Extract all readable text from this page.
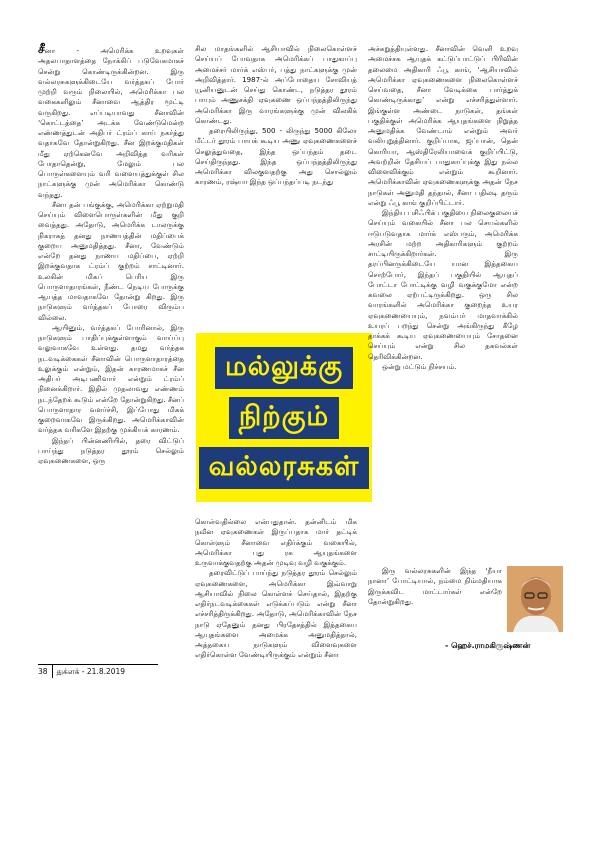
சீனா - அமெரிக்க உறவுகள் அதலபாதாளத்தை நோக்கிப் படுவேகமாகச் சென்று கொண்டிருக்கின்றன. இரு வல்லரசுகளுக்கிடையே வர்த்தகப் போர் முற்றி வரும் நிலையில், அமெரிக்கா பல வகைகளிலும் சீனாவை ஆத்திர மூட்டி வருகிறது. எப்படியாவது சீனாவின் ‘கொட்டத்தை’ அடக்க வேண்டுமென்ற எண்ணத்துடன் அதிபர் ட்ரம்ப் காய் நகர்த்து வதாகவே தோன்றுகிறது. சீன இறக்குமதிகள் மீது ஏற்கெனவே அறிவித்த வரிகள் போதாதென்று, மேலும் பல பொருள்களையும் வரி வளையத்துக்குள் சில நாட்களுக்கு முன் அமெரிக்கா கொண்டு வந்தது.

சீனா தன் பங்குக்கு, அமெரிக்கா ஏற்றுமதி செய்யும் விளைபொருள்களின் மீது குறி வைத்தது. அதோடு, அமெரிக்க டாலருக்கு நிகராகத் தனது நாணயத்தின் மதிப்பைக் குறைய அனுமதித்தது. சீனா, வேண்டும் என்றே தனது நாணய மதிப்பை, ஏற்றி இறக்குவதாக ட்ரம்ப் குற்றம் சாட்டினார். உலகின் மிகப் பெரிய இரு பொருளாதாரங்கள், நீண்ட நெடிய போருக்கு ஆயத்த மாவதாகவே தோன்று கிறது. இரு நாடுகளும் வர்த்தகப் போரை விரும்ப வில்லை.

ஆயினும், வர்த்தகப் போரினால், இரு நாடுகளும் பாதிப்புக்குள்ளாகும் வாய்ப்பு வலுவாகவே உள்ளது. தமது வர்த்தக நடவடிக்கைகள் சீனாவின் பொருளாதாரத்தை உலுக்கும் என்றும், இதன் காரணமாகச் சீன அதிபர் அடிபணிவார் என்றும் ட்ரம்ப் நினைக்கிறார். இதில் முதலாவது எண்ணம் நடந்தேறக் கூடும் என்றே தோன்றுகிறது. சீனப் பொருளாதார வளர்ச்சி, இப்போது மிகக் குறைவாகவே இருக்கிறது. அமெரிக்காவின் வர்த்தக வரிகளே இதற்கு முக்கியக் காரணம்.

இந்தப் பின்னணியில், தரை விட்டுப் பாய்ந்து நடுத்தர தூரம் செல்லும் ஏவுகணைகளை, ஒரு

சில மாதங்களில் ஆசியாவில் நிலைகொள்ளச் செய்யப் போவதாக அமெரிக்கப் பாதுகாப்பு அமைச்சர் மார்க் எஸ்பர், பத்து நாட்களுக்கு முன் அறிவித்தார். 1987-ல் அப்போதைய சோவியத் யூனியனுடன் செய்து கொண்ட, நடுத்தர தூரம் பாயும் அணுசக்தி ஏவுகணை ஒப்பந்தத்திலிருந்து அமெரிக்கா இரு வாரங்களுக்கு முன் விலகிக் கொண்டது.

தரையிலிருந்து, 500 - லிருந்து 5000 கிலோ மீட்டர் தூரம் பாயக் கூடிய அணு ஏவுகணைகளைச் செலுத்துவதை, இந்த ஒப்பந்தம் தடை செய்திருந்தது. இந்த ஒப்பந்தத்திலிருந்து அமெரிக்கா விலகுவதற்கு அது சொல்லும் காரணம், ரஷ்யா இந்த ஒப்பந்தப்படி நடந்து

மல்லுக்கு
நிற்கும்
வல்லரசுகள்

கொள்வதில்லை என்பதுதான். தன்னிடம் மிக நவீன ஏவுகணைகள் இருப்பதாக மார் தட்டிக் கொள்ளும் சீனாவை எதிர்க்கும் வகையில், அமெரிக்கா புது ரக ஆயுதங்களை உருவாக்குவதற்கு அதன் முடிவு வழி வகுக்கும்.

தரைவிட்டுப் பாய்ந்து நடுத்தர தூரம் செல்லும் ஏவுகணைகளை, அமெரிக்கா இவ்வாறு ஆசியாவில் நிலை கொள்ளச் செய்தால், இதற்கு எதிர்நடவடிக்கைகள் எடுக்கப்படும் என்று சீனா எச்சரித்திருக்கிறது. அதோடு, அமெரிக்காவின் நேச நாடு ஏதேனும் தனது பிரதேசத்தில் இத்தகைய ஆயுதங்களை அமைக்க அனுமதித்தால், அத்தகைய நாடுகளும் விளைவுகளை எதிர்கொள்ள வேண்டியிருக்கும் என்றும் சீனா

அச்சுறுத்தியுள்ளது. சீனாவின் வெளி உறவு அமைச்சக ஆயுதக் கட்டுப்பாட்டுப் பிரிவின் தலைமை அதிகாரி ஃபூ காங், ‘ஆசியாவில் அமெரிக்கா ஏவுகணைகளை நிலைகொள்ளச் செய்வதை, சீனா வேடிக்கை பார்த்துக் கொண்டிருக்காது’ என்று எச்சரித்துள்ளார். இங்குள்ள அண்டை நாடுகள், தங்கள் பகுதிக்குள் அமெரிக்க ஆயுதங்களை நிறுத்த அனுமதிக்க வேண்டாம் என்றும் அவர் வலியுறுத்தினார். குறிப்பாக, ஜப்பான், தென் கொரியா, ஆஸ்திரேலியாவைக் குறிப்பிட்டு, அவற்றின் தேசியப் பாதுகாப்புக்கு இது நல்ல விளைவிக்கும் என்றும் கூறினார். அமெரிக்காவின் ஏவுகணைகளுக்கு அதன் நேச நாடுகள் அனுமதி தந்தால், சீனா பதிலடி தரும் என்று ஃபூ காங் குறிப்பிட்டார்.

இந்திய பசிஃபிக் பகுதியை நிலைகுலையச் செய்யும் வகையில் சீனா பல செயல்களில் ஈடுபடுவதாக மார்க் எஸ்பரும், அமெரிக்க அரசின் மற்ற அதிகாரிகளும் குற்றம் சாட்டியிருக்கிறார்கள். இரு தரப்பினருக்கிடையே யான இத்தகைய சொற்போர், இந்தப் பகுதியில் ஆயுதப் போட்டா போட்டிக்கு வழி வகுக்குமோ என்ற கவலை ஏற்பட்டிருக்கிறது. ஒரு சில வாரங்களில் அமெரிக்கா குறைந்த உயர ஏவுகணையையும், நவம்பர் மாதவாக்கில் உயரப் பறந்து சென்று அங்கிருந்து கீழே தாக்கக் கூடிய ஏவுகணையையும் சோதனை செய்யும் என்று சில தகவல்கள் தெரிவிக்கின்றன.

ஒன்று மட்டும் நிச்சயம்.

இரு வல்லரசுகளின் இந்த ‘நீயா நானா’ போட்டியால், நம்மை நிம்மதியாக இருக்கவிட மாட்டார்கள் என்றே தோன்றுகிறது.

- ஹெச்.ராமகிருஷ்ணன்
38 துக்ளக் - 21.8.2019
